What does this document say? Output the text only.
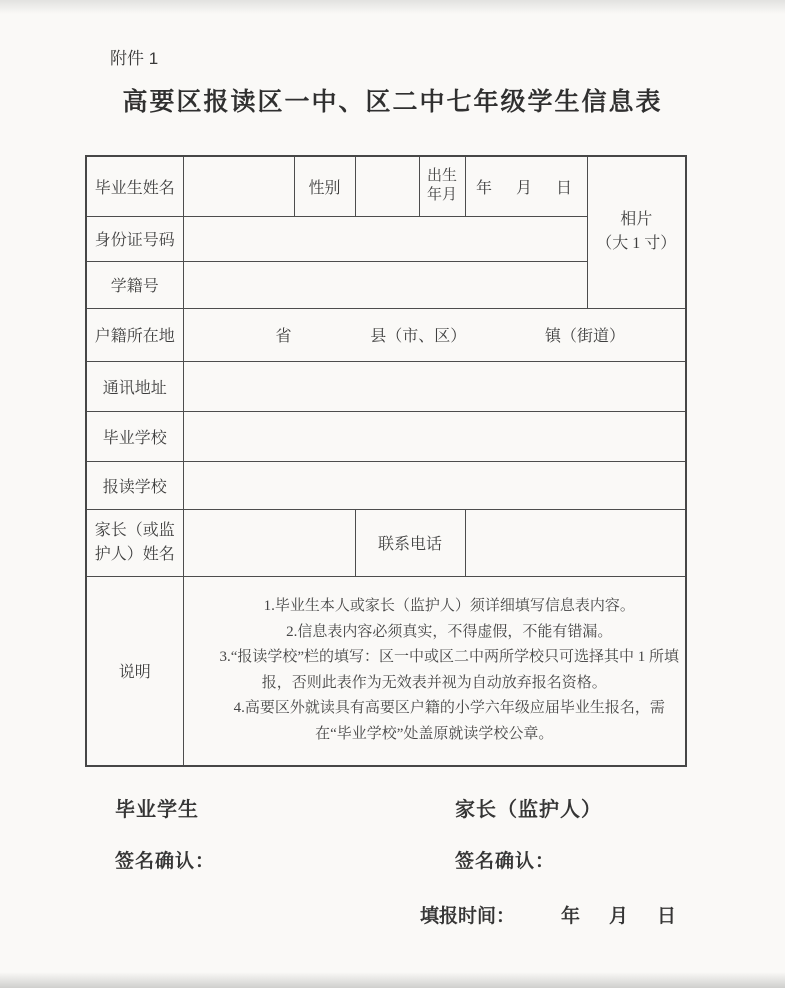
附件 1
高要区报读区一中、区二中七年级学生信息表
毕业生姓名		性别		出生年月	年　月　日	相片
（大 1 寸）

身份证号码						
学籍号						
户籍所在地	省 县（市、区） 镇（街道）					

通讯地址						
毕业学校						
报读学校						
家长（或监护人）姓名			联系电话			
说明	1.毕业生本人或家长（监护人）须详细填写信息表内容。

2.信息表内容必须真实，不得虚假，不能有错漏。

3.“报读学校”栏的填写：区一中或区二中两所学校只可选择其中 1 所填报，否则此表作为无效表并视为自动放弃报名资格。

4.高要区外就读具有高要区户籍的小学六年级应届毕业生报名，需在“毕业学校”处盖原就读学校公章。					

毕业学生	家长（监护人）
签名确认：	签名确认：
填报时间： 年　月　日
